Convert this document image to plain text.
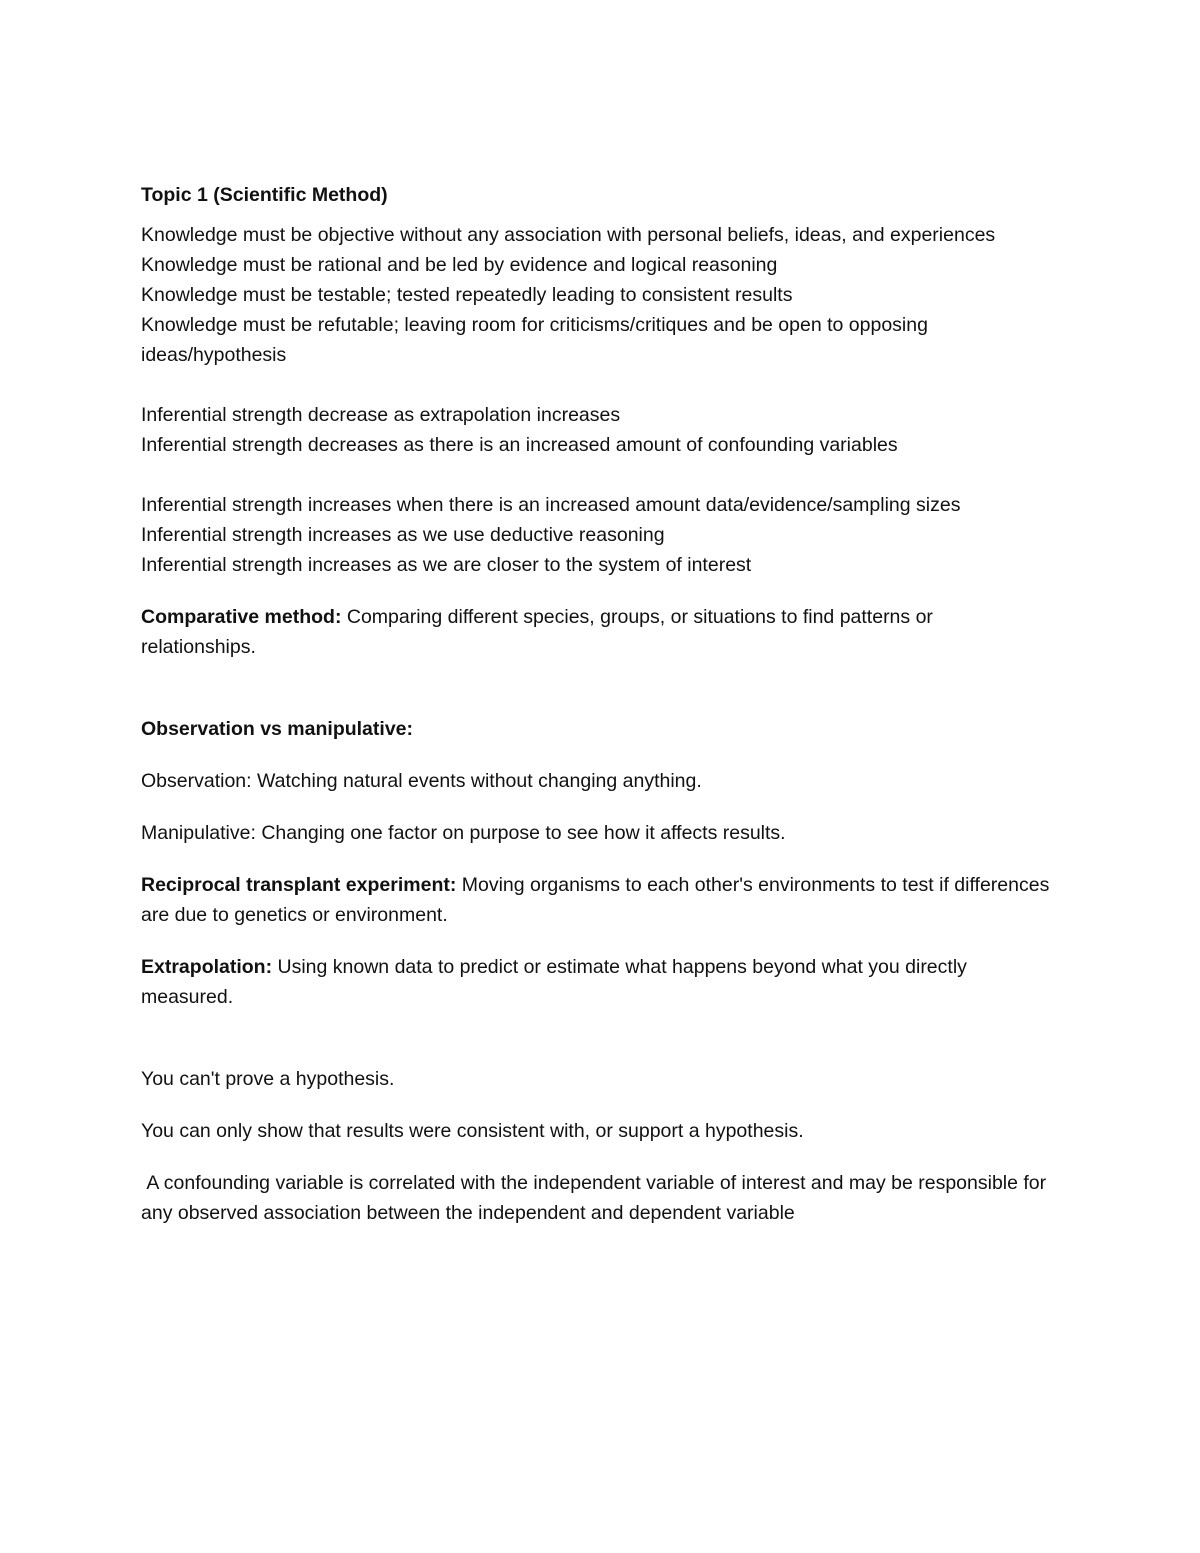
Topic 1 (Scientific Method)

Knowledge must be objective without any association with personal beliefs, ideas, and experiences

Knowledge must be rational and be led by evidence and logical reasoning

Knowledge must be testable; tested repeatedly leading to consistent results

Knowledge must be refutable; leaving room for criticisms/critiques and be open to opposing ideas/hypothesis

Inferential strength decrease as extrapolation increases

Inferential strength decreases as there is an increased amount of confounding variables

Inferential strength increases when there is an increased amount data/evidence/sampling sizes

Inferential strength increases as we use deductive reasoning

Inferential strength increases as we are closer to the system of interest

Comparative method: Comparing different species, groups, or situations to find patterns or relationships.

Observation vs manipulative:

Observation: Watching natural events without changing anything.

Manipulative: Changing one factor on purpose to see how it affects results.

Reciprocal transplant experiment: Moving organisms to each other's environments to test if differences are due to genetics or environment.

Extrapolation: Using known data to predict or estimate what happens beyond what you directly measured.

You can't prove a hypothesis.

You can only show that results were consistent with, or support a hypothesis.

A confounding variable is correlated with the independent variable of interest and may be responsible for any observed association between the independent and dependent variable
